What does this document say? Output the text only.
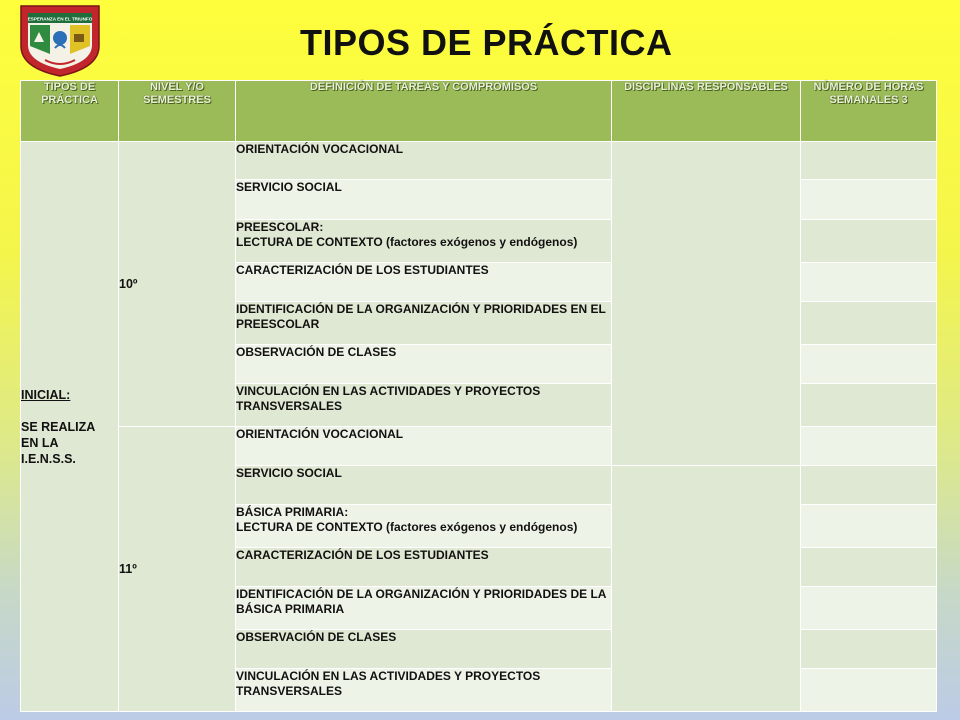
ESPERANZA EN EL TRIUNFO
TIPOS DE PRÁCTICA
TIPOS DE PRÁCTICA	NIVEL Y/O SEMESTRES	DEFINICIÓN DE TAREAS Y COMPROMISOS	DISCIPLINAS RESPONSABLES	NÚMERO DE HORAS SEMANALES 3
INICIAL:
SE REALIZA
EN LA
I.E.N.S.S.	10º	ORIENTACIÓN VOCACIONAL		

		SERVICIO SOCIAL		

		PREESCOLAR:
LECTURA DE CONTEXTO (factores exógenos y endógenos)		

		CARACTERIZACIÓN DE LOS ESTUDIANTES		

		IDENTIFICACIÓN DE LA ORGANIZACIÓN Y PRIORIDADES EN EL
PREESCOLAR		

		OBSERVACIÓN DE CLASES		

		VINCULACIÓN EN LAS ACTIVIDADES Y PROYECTOS
TRANSVERSALES		

	11º	ORIENTACIÓN VOCACIONAL		

		SERVICIO SOCIAL		

		BÁSICA PRIMARIA:
LECTURA DE CONTEXTO (factores exógenos y endógenos)		

		CARACTERIZACIÓN DE LOS ESTUDIANTES		

		IDENTIFICACIÓN DE LA ORGANIZACIÓN Y PRIORIDADES DE LA
BÁSICA PRIMARIA		

		OBSERVACIÓN DE CLASES		

		VINCULACIÓN EN LAS ACTIVIDADES Y PROYECTOS
TRANSVERSALES		
